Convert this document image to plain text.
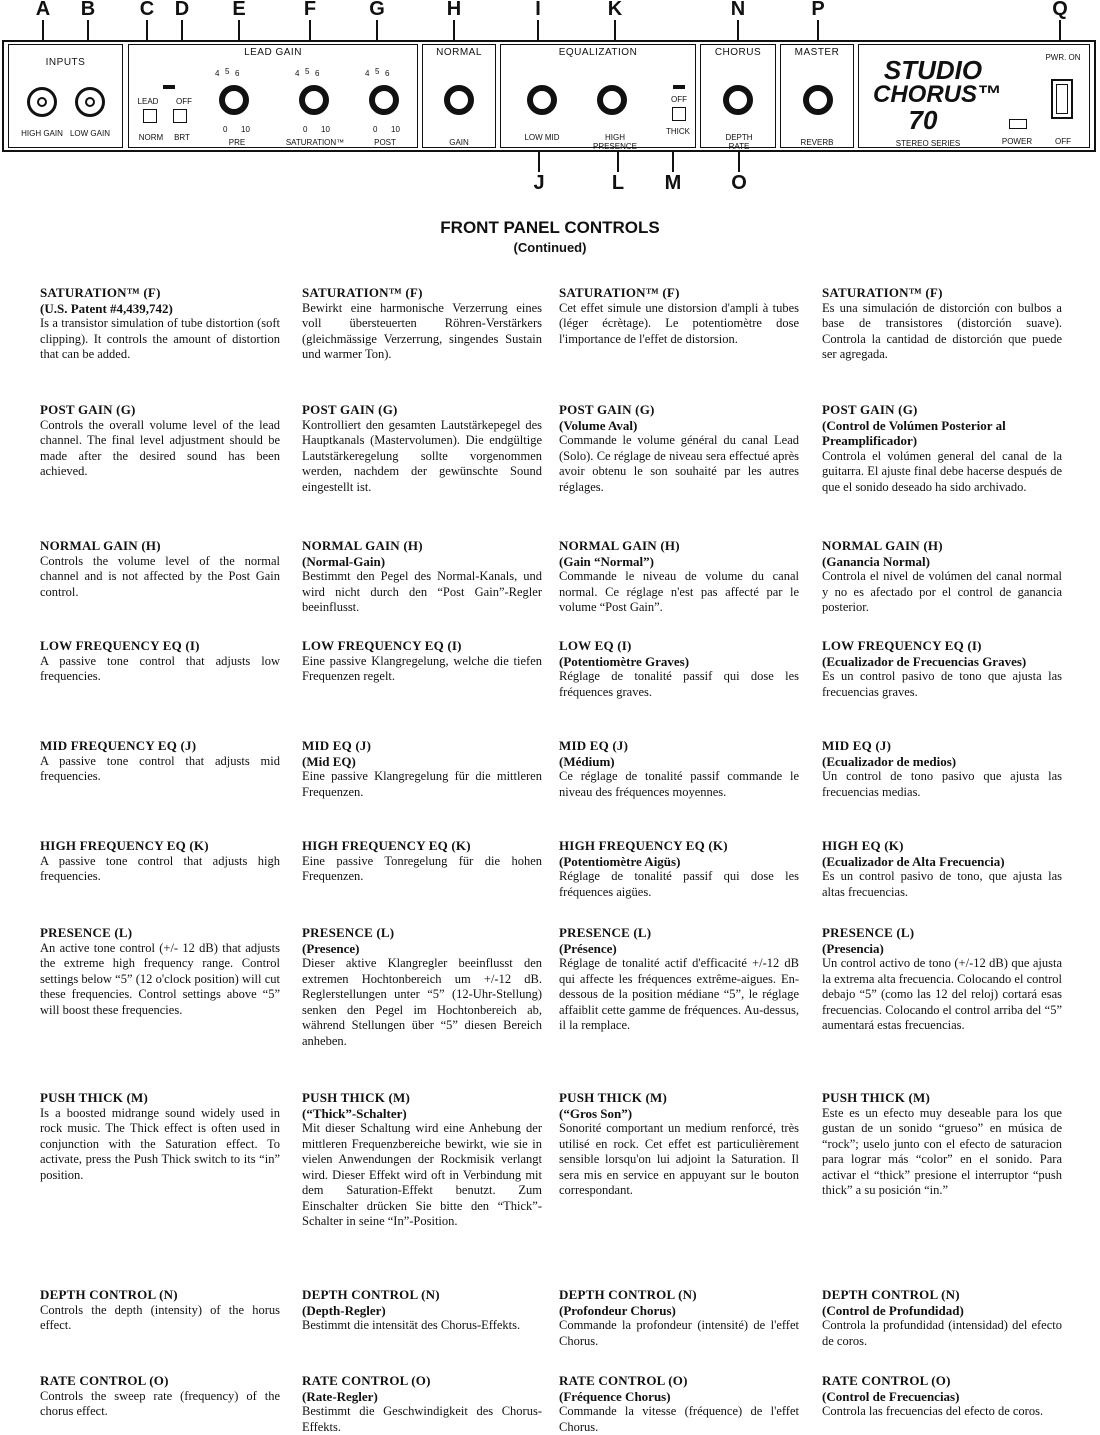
A B C D E	F	G	H	I	K	N	P	Q
INPUTS
HIGH GAIN LOW GAIN
LEAD GAIN
LEAD	OFF
NORM	BRT
4 5 6
0 10
PRE
4 5 6
0 10
SATURATION™
4 5 6
0 10
POST
NORMAL
GAIN
EQUALIZATION
LOW MID	HIGH PRESENCE
OFF
THICK
CHORUS
DEPTH RATE
MASTER
REVERB
STUDIO
CHORUS™
70
STEREO SERIES	POWER
PWR. ON
OFF
J	L M O
FRONT PANEL CONTROLS
(Continued)
SATURATION™ (F)
(U.S. Patent #4,439,742)
Is a transistor simulation of tube distortion (soft clipping). It controls the amount of distortion that can be added.
SATURATION™ (F)
Bewirkt eine harmonische Verzerrung eines voll übersteuerten Röhren-Verstärkers (gleichmässige Verzerrung, singendes Sustain und warmer Ton).
SATURATION™ (F)
Cet effet simule une distorsion d'ampli à tubes (léger écrètage). Le potentiomètre dose l'importance de l'effet de distorsion.
SATURATION™ (F)
Es una simulación de distorción con bulbos a base de transistores (distorción suave). Controla la cantidad de distorción que puede ser agregada.
POST GAIN (G)
Controls the overall volume level of the lead channel. The final level adjustment should be made after the desired sound has been achieved.
POST GAIN (G)
Kontrolliert den gesamten Lautstärkepegel des Hauptkanals (Mastervolumen). Die endgültige Lautstärkeregelung sollte vorgenommen werden, nachdem der gewünschte Sound eingestellt ist.
POST GAIN (G)
(Volume Aval)
Commande le volume général du canal Lead (Solo). Ce réglage de niveau sera effectué après avoir obtenu le son souhaité par les autres réglages.
POST GAIN (G)
(Control de Volúmen Posterior al Preamplificador)
Controla el volúmen general del canal de la guitarra. El ajuste final debe hacerse después de que el sonido deseado ha sido archivado.
NORMAL GAIN (H)
Controls the volume level of the normal channel and is not affected by the Post Gain control.
NORMAL GAIN (H)
(Normal-Gain)
Bestimmt den Pegel des Normal-Kanals, und wird nicht durch den “Post Gain”-Regler beeinflusst.
NORMAL GAIN (H)
(Gain “Normal”)
Commande le niveau de volume du canal normal. Ce réglage n'est pas affecté par le volume “Post Gain”.
NORMAL GAIN (H)
(Ganancia Normal)
Controla el nivel de volúmen del canal normal y no es afectado por el control de ganancia posterior.
LOW FREQUENCY EQ (I)
A passive tone control that adjusts low frequencies.
LOW FREQUENCY EQ (I)
Eine passive Klangregelung, welche die tiefen Frequenzen regelt.
LOW EQ (I)
(Potentiomètre Graves)
Réglage de tonalité passif qui dose les fréquences graves.
LOW FREQUENCY EQ (I)
(Ecualizador de Frecuencias Graves)
Es un control pasivo de tono que ajusta las frecuencias graves.
MID FREQUENCY EQ (J)
A passive tone control that adjusts mid frequencies.
MID EQ (J)
(Mid EQ)
Eine passive Klangregelung für die mittleren Frequenzen.
MID EQ (J)
(Médium)
Ce réglage de tonalité passif commande le niveau des fréquences moyennes.
MID EQ (J)
(Ecualizador de medios)
Un control de tono pasivo que ajusta las frecuencias medias.
HIGH FREQUENCY EQ (K)
A passive tone control that adjusts high frequencies.
HIGH FREQUENCY EQ (K)
Eine passive Tonregelung für die hohen Frequenzen.
HIGH FREQUENCY EQ (K)
(Potentiomètre Aigüs)
Réglage de tonalité passif qui dose les fréquences aigües.
HIGH EQ (K)
(Ecualizador de Alta Frecuencia)
Es un control pasivo de tono, que ajusta las altas frecuencias.
PRESENCE (L)
An active tone control (+/- 12 dB) that adjusts the extreme high frequency range. Control settings below “5” (12 o'clock position) will cut these frequencies. Control settings above “5” will boost these frequencies.
PRESENCE (L)
(Presence)
Dieser aktive Klangregler beeinflusst den extremen Hochtonbereich um +/-12 dB. Reglerstellungen unter “5” (12-Uhr-Stellung) senken den Pegel im Hochtonbereich ab, während Stellungen über “5” diesen Bereich anheben.
PRESENCE (L)
(Présence)
Réglage de tonalité actif d'efficacité +/-12 dB qui affecte les fréquences extrême-aigues. En-dessous de la position médiane “5”, le réglage affaiblit cette gamme de fréquences. Au-dessus, il la remplace.
PRESENCE (L)
(Presencia)
Un control activo de tono (+/-12 dB) que ajusta la extrema alta frecuencia. Colocando el control debajo “5” (como las 12 del reloj) cortará esas frecuencias. Colocando el control arriba del “5” aumentará estas frecuencias.
PUSH THICK (M)
Is a boosted midrange sound widely used in rock music. The Thick effect is often used in conjunction with the Saturation effect. To activate, press the Push Thick switch to its “in” position.
PUSH THICK (M)
(“Thick”-Schalter)
Mit dieser Schaltung wird eine Anhebung der mittleren Frequenzbereiche bewirkt, wie sie in vielen Anwendungen der Rockmisik verlangt wird. Dieser Effekt wird oft in Verbindung mit dem Saturation-Effekt benutzt. Zum Einschalter drücken Sie bitte den “Thick”-Schalter in seine “In”-Position.
PUSH THICK (M)
(“Gros Son”)
Sonorité comportant un medium renforcé, très utilisé en rock. Cet effet est particulièrement sensible lorsqu'on lui adjoint la Saturation. Il sera mis en service en appuyant sur le bouton correspondant.
PUSH THICK (M)
Este es un efecto muy deseable para los que gustan de un sonido “grueso” en música de “rock”; uselo junto con el efecto de saturacion para lograr más “color” en el sonido. Para activar el “thick” presione el interruptor “push thick” a su posición “in.”
DEPTH CONTROL (N)
Controls the depth (intensity) of the horus effect.
DEPTH CONTROL (N)
(Depth-Regler)
Bestimmt die intensität des Chorus-Effekts.
DEPTH CONTROL (N)
(Profondeur Chorus)
Commande la profondeur (intensité) de l'effet Chorus.
DEPTH CONTROL (N)
(Control de Profundidad)
Controla la profundidad (intensidad) del efecto de coros.
RATE CONTROL (O)
Controls the sweep rate (frequency) of the chorus effect.
RATE CONTROL (O)
(Rate-Regler)
Bestimmt die Geschwindigkeit des Chorus-Effekts.
RATE CONTROL (O)
(Fréquence Chorus)
Commande la vitesse (fréquence) de l'effet Chorus.
RATE CONTROL (O)
(Control de Frecuencias)
Controla las frecuencias del efecto de coros.
